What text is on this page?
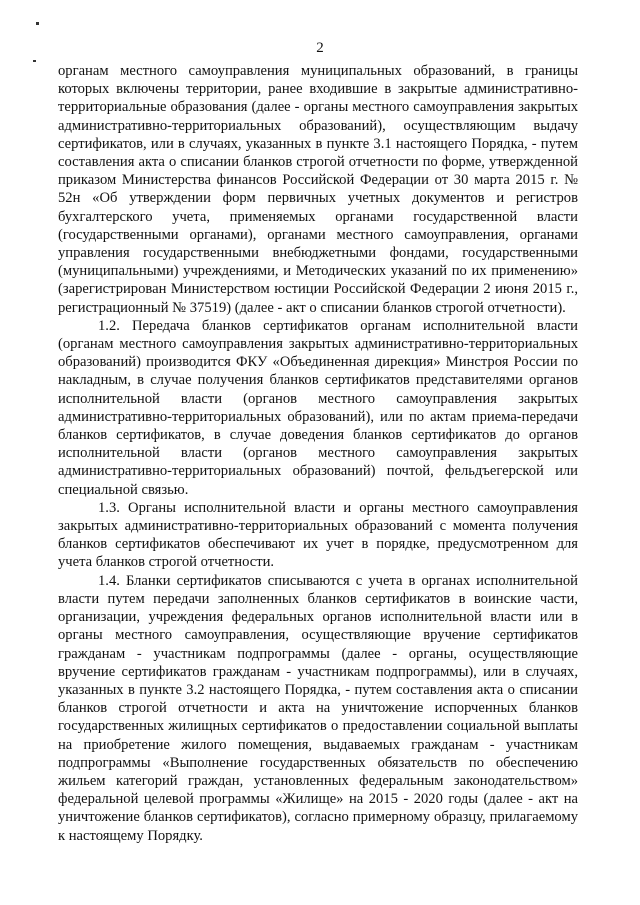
2

органам местного самоуправления муниципальных образований, в границы которых включены территории, ранее входившие в закрытые административно-территориальные образования (далее - органы местного самоуправления закрытых административно-территориальных образований), осуществляющим выдачу сертификатов, или в случаях, указанных в пункте 3.1 настоящего Порядка, - путем составления акта о списании бланков строгой отчетности по форме, утвержденной приказом Министерства финансов Российской Федерации от 30 марта 2015 г. № 52н «Об утверждении форм первичных учетных документов и регистров бухгалтерского учета, применяемых органами государственной власти (государственными органами), органами местного самоуправления, органами управления государственными внебюджетными фондами, государственными (муниципальными) учреждениями, и Методических указаний по их применению» (зарегистрирован Министерством юстиции Российской Федерации 2 июня 2015 г., регистрационный № 37519) (далее - акт о списании бланков строгой отчетности).

1.2. Передача бланков сертификатов органам исполнительной власти (органам местного самоуправления закрытых административно-территориальных образований) производится ФКУ «Объединенная дирекция» Минстроя России по накладным, в случае получения бланков сертификатов представителями органов исполнительной власти (органов местного самоуправления закрытых административно-территориальных образований), или по актам приема-передачи бланков сертификатов, в случае доведения бланков сертификатов до органов исполнительной власти (органов местного самоуправления закрытых административно-территориальных образований) почтой, фельдъегерской или специальной связью.

1.3. Органы исполнительной власти и органы местного самоуправления закрытых административно-территориальных образований с момента получения бланков сертификатов обеспечивают их учет в порядке, предусмотренном для учета бланков строгой отчетности.

1.4. Бланки сертификатов списываются с учета в органах исполнительной власти путем передачи заполненных бланков сертификатов в воинские части, организации, учреждения федеральных органов исполнительной власти или в органы местного самоуправления, осуществляющие вручение сертификатов гражданам - участникам подпрограммы (далее - органы, осуществляющие вручение сертификатов гражданам - участникам подпрограммы), или в случаях, указанных в пункте 3.2 настоящего Порядка, - путем составления акта о списании бланков строгой отчетности и акта на уничтожение испорченных бланков государственных жилищных сертификатов о предоставлении социальной выплаты на приобретение жилого помещения, выдаваемых гражданам - участникам подпрограммы «Выполнение государственных обязательств по обеспечению жильем категорий граждан, установленных федеральным законодательством» федеральной целевой программы «Жилище» на 2015 - 2020 годы (далее - акт на уничтожение бланков сертификатов), согласно примерному образцу, прилагаемому к настоящему Порядку.
